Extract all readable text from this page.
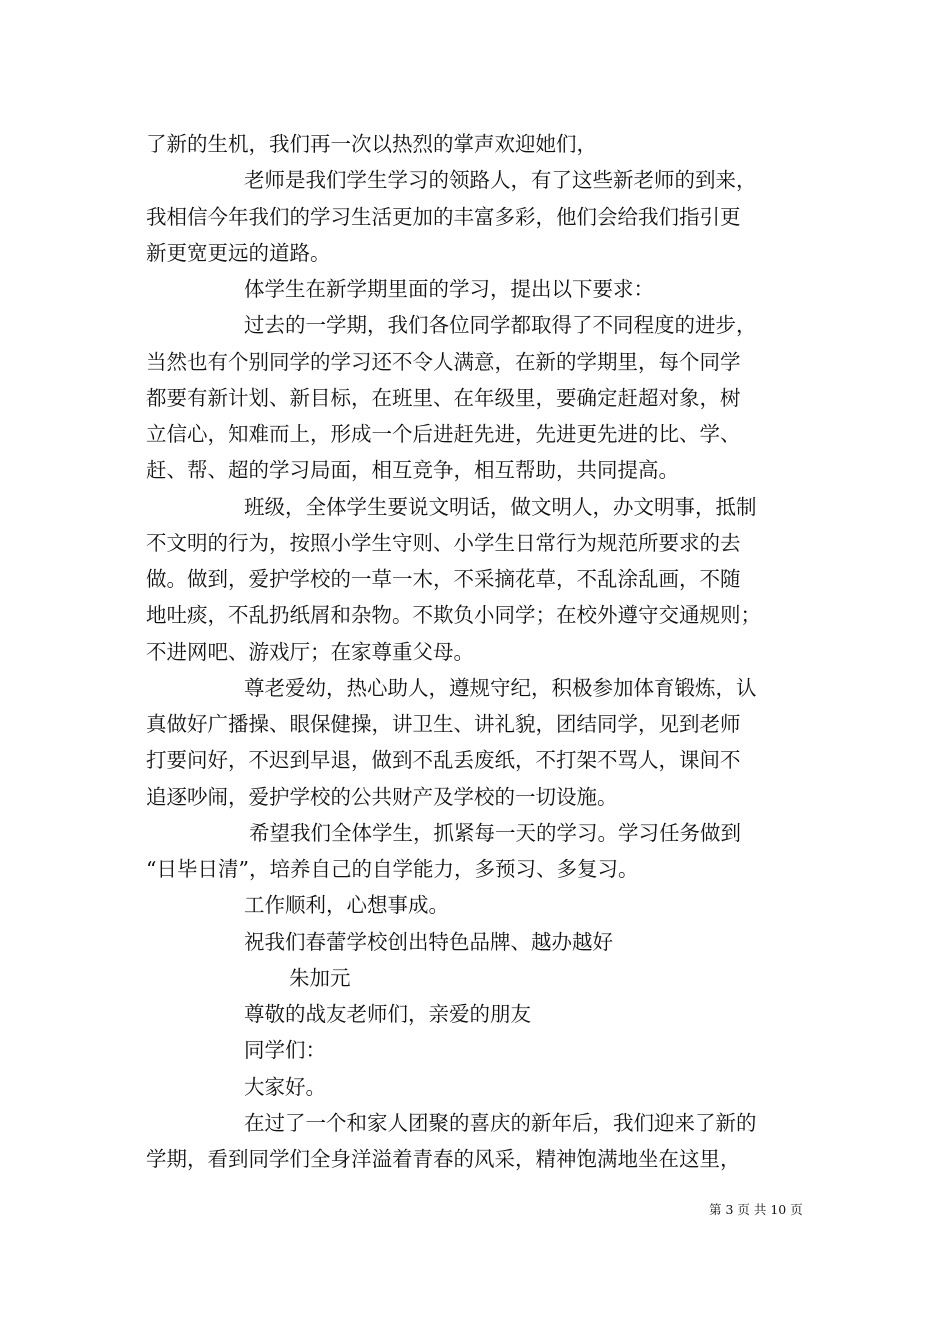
了新的生机，我们再一次以热烈的掌声欢迎她们，
老师是我们学生学习的领路人，有了这些新老师的到来，
我相信今年我们的学习生活更加的丰富多彩，他们会给我们指引更
新更宽更远的道路。
体学生在新学期里面的学习，提出以下要求：
过去的一学期，我们各位同学都取得了不同程度的进步，
当然也有个别同学的学习还不令人满意，在新的学期里，每个同学
都要有新计划、新目标，在班里、在年级里，要确定赶超对象，树
立信心，知难而上，形成一个后进赶先进，先进更先进的比、学、
赶、帮、超的学习局面，相互竞争，相互帮助，共同提高。
班级，全体学生要说文明话，做文明人，办文明事，抵制
不文明的行为，按照小学生守则、小学生日常行为规范所要求的去
做。做到，爱护学校的一草一木，不采摘花草，不乱涂乱画，不随
地吐痰，不乱扔纸屑和杂物。不欺负小同学；在校外遵守交通规则；
不进网吧、游戏厅；在家尊重父母。
尊老爱幼，热心助人，遵规守纪，积极参加体育锻炼，认
真做好广播操、眼保健操，讲卫生、讲礼貌，团结同学，见到老师
打要问好，不迟到早退，做到不乱丢废纸，不打架不骂人，课间不
追逐吵闹，爱护学校的公共财产及学校的一切设施。
希望我们全体学生，抓紧每一天的学习。学习任务做到
“日毕日清”，培养自己的自学能力，多预习、多复习。
工作顺利，心想事成。
祝我们春蕾学校创出特色品牌、越办越好
朱加元
尊敬的战友老师们，亲爱的朋友
同学们：
大家好。
在过了一个和家人团聚的喜庆的新年后，我们迎来了新的
学期，看到同学们全身洋溢着青春的风采，精神饱满地坐在这里，
第 3 页 共 10 页
